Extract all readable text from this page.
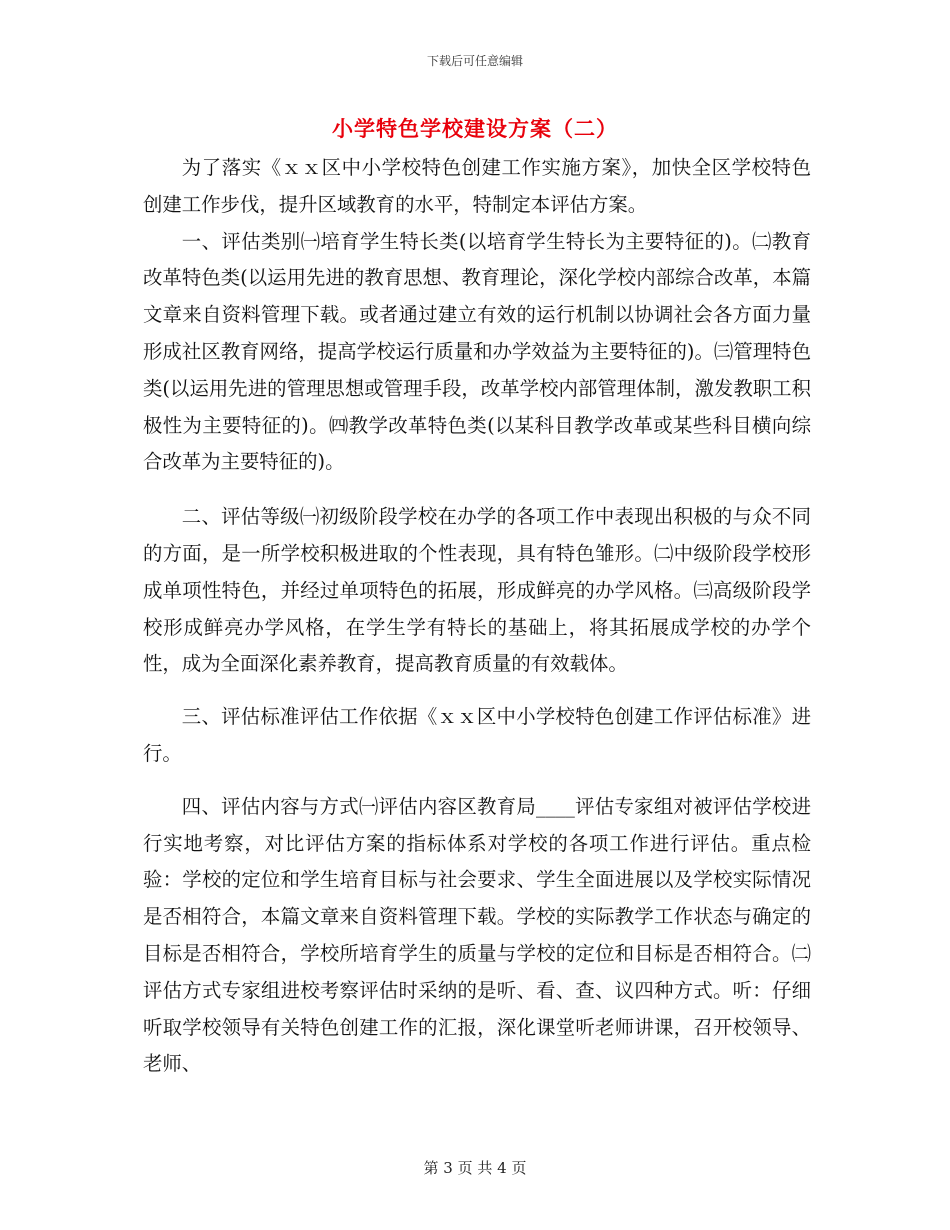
下载后可任意编辑
小学特色学校建设方案（二）

为了落实《ｘｘ区中小学校特色创建工作实施方案》，加快全区学校特色创建工作步伐，提升区域教育的水平，特制定本评估方案。

一、评估类别㈠培育学生特长类(以培育学生特长为主要特征的)。㈡教育改革特色类(以运用先进的教育思想、教育理论，深化学校内部综合改革，本篇文章来自资料管理下载。或者通过建立有效的运行机制以协调社会各方面力量形成社区教育网络，提高学校运行质量和办学效益为主要特征的)。㈢管理特色类(以运用先进的管理思想或管理手段，改革学校内部管理体制，激发教职工积极性为主要特征的)。㈣教学改革特色类(以某科目教学改革或某些科目横向综合改革为主要特征的)。

二、评估等级㈠初级阶段学校在办学的各项工作中表现出积极的与众不同的方面，是一所学校积极进取的个性表现，具有特色雏形。㈡中级阶段学校形成单项性特色，并经过单项特色的拓展，形成鲜亮的办学风格。㈢高级阶段学校形成鲜亮办学风格，在学生学有特长的基础上，将其拓展成学校的办学个性，成为全面深化素养教育，提高教育质量的有效载体。

三、评估标准评估工作依据《ｘｘ区中小学校特色创建工作评估标准》进行。

四、评估内容与方式㈠评估内容区教育局____评估专家组对被评估学校进行实地考察，对比评估方案的指标体系对学校的各项工作进行评估。重点检验：学校的定位和学生培育目标与社会要求、学生全面进展以及学校实际情况是否相符合，本篇文章来自资料管理下载。学校的实际教学工作状态与确定的目标是否相符合，学校所培育学生的质量与学校的定位和目标是否相符合。㈡评估方式专家组进校考察评估时采纳的是听、看、查、议四种方式。听：仔细听取学校领导有关特色创建工作的汇报，深化课堂听老师讲课，召开校领导、老师、

第 3 页 共 4 页
